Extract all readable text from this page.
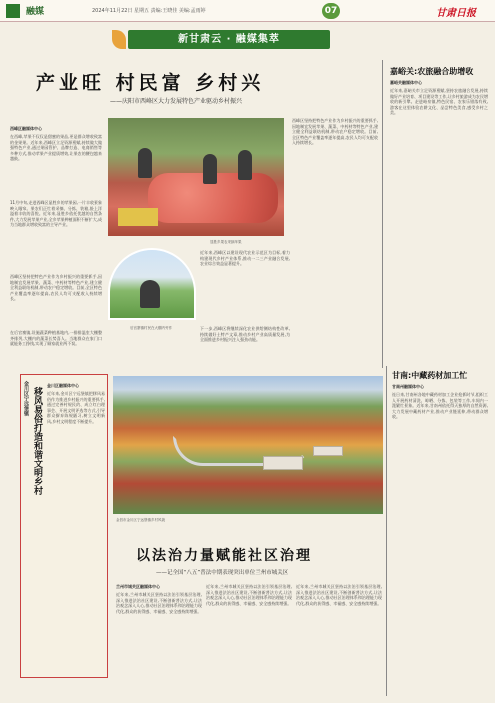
融媒	2024年11月22日 星期五 责编:王晓佳 美编:孟雨婷	07	甘肃日报
新甘肃云 · 融媒集萃
产业旺 村民富 乡村兴
——庆阳市西峰区大力发展特色产业驱动乡村振兴
西峰区融媒体中心
在西峰,苹果不仅仅是甜蜜的果品,更是群众增收致富的金果果。近年来,西峰区立足资源禀赋,持续做大做强特色产业,通过果园管护、品牌打造、电商销售等多种方式,推动苹果产业提质增效,让果农的腰包越来越鼓。
11月中旬,走进西峰区显胜乡的苹果园,一片丰收景象映入眼帘。果农们正忙着采摘、分拣、装箱,脸上洋溢着丰收的喜悦。近年来,显胜乡依托优越的自然条件,大力发展苹果产业,全乡苹果种植面积不断扩大,成为当地群众增收致富的主导产业。
西峰区坚持把特色产业作为乡村振兴的重要抓手,因地制宜发展苹果、蔬菜、中药材等特色产业,建立健全利益联结机制,带动农户稳定增收。目前,全区特色产业覆盖率逐年提高,农民人均可支配收入持续增长。
在后官寨镇,设施蔬菜种植基地内,一排排温室大棚整齐排列,大棚内的蔬菜长势喜人。当地群众在家门口就能务工挣钱,实现了顾家就业两不误。
显胜乡果农采摘苹果
后官寨镇村民在大棚内劳作
近年来,西峰区以建设现代农业示范区为目标,着力构建现代乡村产业体系,推动一二三产业融合发展,农业综合效益显著提升。
下一步,西峰区将继续深化农业供给侧结构性改革,持续做好土特产文章,推动乡村产业高质量发展,为全面推进乡村振兴注入强劲动能。
西峰区坚持把特色产业作为乡村振兴的重要抓手,因地制宜发展苹果、蔬菜、中药材等特色产业,建立健全利益联结机制,带动农户稳定增收。目前,全区特色产业覆盖率逐年提高,农民人均可支配收入持续增长。
嘉峪关:农旅融合助增收
嘉峪关融媒体中心
近年来,嘉峪关市立足资源禀赋,坚持农旅融合发展,持续做好产业培育、项目建设等工作,让乡村旅游成为农民增收的新引擎。走进峪泉镇,特色民宿、农家乐错落有致,游客在这里体验农耕文化、品尝特色美食,感受乡村之美。
甘南:中藏药材加工忙
甘南州融媒体中心
连日来,甘南州各地中藏药材加工企业抢抓时节,组织工人开展药材清洗、晾晒、分拣、包装等工作,车间内一派繁忙景象。近年来,甘南州依托得天独厚的自然资源,大力发展中藏药材产业,推动产业链延伸,带动群众增收。
移风易俗打造和谐文明乡村
金川区宁远堡镇	金川区融媒体中心
近年来,金川区宁远堡镇把移风易俗作为推进乡村振兴的重要抓手,通过完善村规民约、成立红白理事会、开展文明评选等方式,引导群众摒弃陈规陋习,树立文明新风,乡村文明程度不断提升。
金昌市金川区宁远堡镇乡村风貌
以法治力量赋能社区治理
——记全国“八五”普法中期表现突出单位兰州市城关区
兰州市城关区融媒体中心
近年来,兰州市城关区坚持以法治引领基层治理,深入推进法治社区建设,不断创新普法方式,让法治观念深入人心,推动社区治理体系和治理能力现代化,群众的获得感、幸福感、安全感持续增强。
近年来,兰州市城关区坚持以法治引领基层治理,深入推进法治社区建设,不断创新普法方式,让法治观念深入人心,推动社区治理体系和治理能力现代化,群众的获得感、幸福感、安全感持续增强。
近年来,兰州市城关区坚持以法治引领基层治理,深入推进法治社区建设,不断创新普法方式,让法治观念深入人心,推动社区治理体系和治理能力现代化,群众的获得感、幸福感、安全感持续增强。
